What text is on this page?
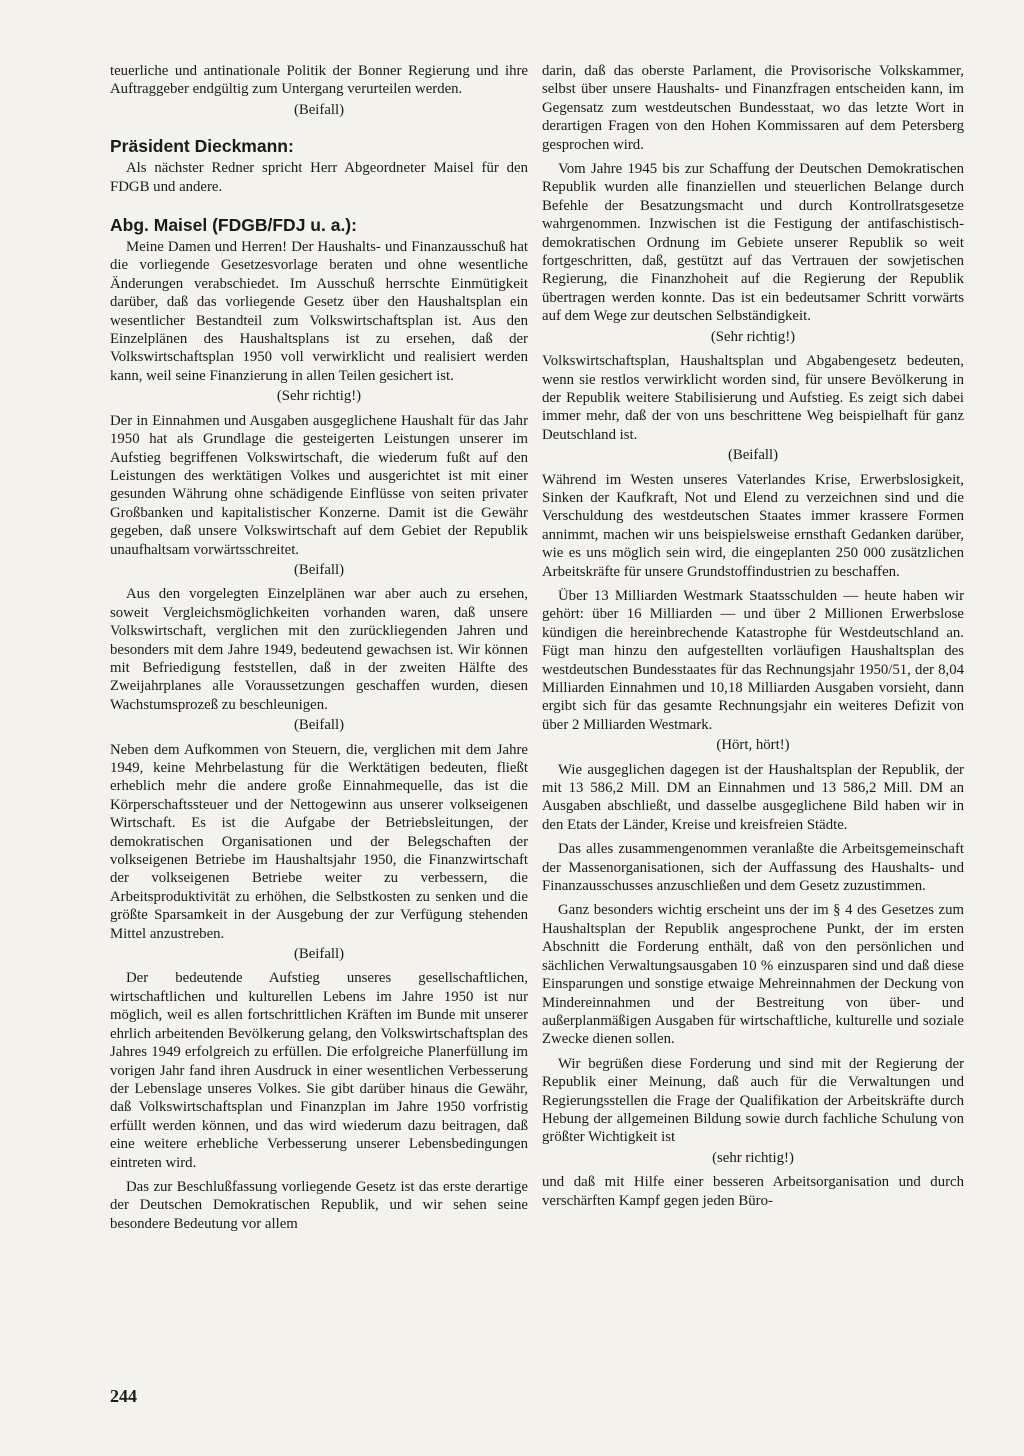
teuerliche und antinationale Politik der Bonner Regierung und ihre Auftraggeber endgültig zum Untergang verurteilen werden.

(Beifall)

Präsident Dieckmann:

Als nächster Redner spricht Herr Abgeordneter Maisel für den FDGB und andere.

Abg. Maisel (FDGB/FDJ u. a.):

Meine Damen und Herren! Der Haushalts- und Finanzausschuß hat die vorliegende Gesetzesvorlage beraten und ohne wesentliche Änderungen verabschiedet. Im Ausschuß herrschte Einmütigkeit darüber, daß das vorliegende Gesetz über den Haushaltsplan ein wesentlicher Bestandteil zum Volkswirtschaftsplan ist. Aus den Einzelplänen des Haushaltsplans ist zu ersehen, daß der Volkswirtschaftsplan 1950 voll verwirklicht und realisiert werden kann, weil seine Finanzierung in allen Teilen gesichert ist.

(Sehr richtig!)

Der in Einnahmen und Ausgaben ausgeglichene Haushalt für das Jahr 1950 hat als Grundlage die gesteigerten Leistungen unserer im Aufstieg begriffenen Volkswirtschaft, die wiederum fußt auf den Leistungen des werktätigen Volkes und ausgerichtet ist mit einer gesunden Währung ohne schädigende Einflüsse von seiten privater Großbanken und kapitalistischer Konzerne. Damit ist die Gewähr gegeben, daß unsere Volkswirtschaft auf dem Gebiet der Republik unaufhaltsam vorwärtsschreitet.

(Beifall)

Aus den vorgelegten Einzelplänen war aber auch zu ersehen, soweit Vergleichsmöglichkeiten vorhanden waren, daß unsere Volkswirtschaft, verglichen mit den zurückliegenden Jahren und besonders mit dem Jahre 1949, bedeutend gewachsen ist. Wir können mit Befriedigung feststellen, daß in der zweiten Hälfte des Zweijahrplanes alle Voraussetzungen geschaffen wurden, diesen Wachstumsprozeß zu beschleunigen.

(Beifall)

Neben dem Aufkommen von Steuern, die, verglichen mit dem Jahre 1949, keine Mehrbelastung für die Werktätigen bedeuten, fließt erheblich mehr die andere große Einnahmequelle, das ist die Körperschaftssteuer und der Nettogewinn aus unserer volkseigenen Wirtschaft. Es ist die Aufgabe der Betriebsleitungen, der demokratischen Organisationen und der Belegschaften der volkseigenen Betriebe im Haushaltsjahr 1950, die Finanzwirtschaft der volkseigenen Betriebe weiter zu verbessern, die Arbeitsproduktivität zu erhöhen, die Selbstkosten zu senken und die größte Sparsamkeit in der Ausgebung der zur Verfügung stehenden Mittel anzustreben.

(Beifall)

Der bedeutende Aufstieg unseres gesellschaftlichen, wirtschaftlichen und kulturellen Lebens im Jahre 1950 ist nur möglich, weil es allen fortschrittlichen Kräften im Bunde mit unserer ehrlich arbeitenden Bevölkerung gelang, den Volkswirtschaftsplan des Jahres 1949 erfolgreich zu erfüllen. Die erfolgreiche Planerfüllung im vorigen Jahr fand ihren Ausdruck in einer wesentlichen Verbesserung der Lebenslage unseres Volkes. Sie gibt darüber hinaus die Gewähr, daß Volkswirtschaftsplan und Finanzplan im Jahre 1950 vorfristig erfüllt werden können, und das wird wiederum dazu beitragen, daß eine weitere erhebliche Verbesserung unserer Lebensbedingungen eintreten wird.

Das zur Beschlußfassung vorliegende Gesetz ist das erste derartige der Deutschen Demokratischen Republik, und wir sehen seine besondere Bedeutung vor allem

darin, daß das oberste Parlament, die Provisorische Volkskammer, selbst über unsere Haushalts- und Finanzfragen entscheiden kann, im Gegensatz zum westdeutschen Bundesstaat, wo das letzte Wort in derartigen Fragen von den Hohen Kommissaren auf dem Petersberg gesprochen wird.

Vom Jahre 1945 bis zur Schaffung der Deutschen Demokratischen Republik wurden alle finanziellen und steuerlichen Belange durch Befehle der Besatzungsmacht und durch Kontrollratsgesetze wahrgenommen. Inzwischen ist die Festigung der antifaschistisch-demokratischen Ordnung im Gebiete unserer Republik so weit fortgeschritten, daß, gestützt auf das Vertrauen der sowjetischen Regierung, die Finanzhoheit auf die Regierung der Republik übertragen werden konnte. Das ist ein bedeutsamer Schritt vorwärts auf dem Wege zur deutschen Selbständigkeit.

(Sehr richtig!)

Volkswirtschaftsplan, Haushaltsplan und Abgabengesetz bedeuten, wenn sie restlos verwirklicht worden sind, für unsere Bevölkerung in der Republik weitere Stabilisierung und Aufstieg. Es zeigt sich dabei immer mehr, daß der von uns beschrittene Weg beispielhaft für ganz Deutschland ist.

(Beifall)

Während im Westen unseres Vaterlandes Krise, Erwerbslosigkeit, Sinken der Kaufkraft, Not und Elend zu verzeichnen sind und die Verschuldung des westdeutschen Staates immer krassere Formen annimmt, machen wir uns beispielsweise ernsthaft Gedanken darüber, wie es uns möglich sein wird, die eingeplanten 250 000 zusätzlichen Arbeitskräfte für unsere Grundstoffindustrien zu beschaffen.

Über 13 Milliarden Westmark Staatsschulden — heute haben wir gehört: über 16 Milliarden — und über 2 Millionen Erwerbslose kündigen die hereinbrechende Katastrophe für Westdeutschland an. Fügt man hinzu den aufgestellten vorläufigen Haushaltsplan des westdeutschen Bundesstaates für das Rechnungsjahr 1950/51, der 8,04 Milliarden Einnahmen und 10,18 Milliarden Ausgaben vorsieht, dann ergibt sich für das gesamte Rechnungsjahr ein weiteres Defizit von über 2 Milliarden Westmark.

(Hört, hört!)

Wie ausgeglichen dagegen ist der Haushaltsplan der Republik, der mit 13 586,2 Mill. DM an Einnahmen und 13 586,2 Mill. DM an Ausgaben abschließt, und dasselbe ausgeglichene Bild haben wir in den Etats der Länder, Kreise und kreisfreien Städte.

Das alles zusammengenommen veranlaßte die Arbeitsgemeinschaft der Massenorganisationen, sich der Auffassung des Haushalts- und Finanzausschusses anzuschließen und dem Gesetz zuzustimmen.

Ganz besonders wichtig erscheint uns der im § 4 des Gesetzes zum Haushaltsplan der Republik angesprochene Punkt, der im ersten Abschnitt die Forderung enthält, daß von den persönlichen und sächlichen Verwaltungsausgaben 10 % einzusparen sind und daß diese Einsparungen und sonstige etwaige Mehreinnahmen der Deckung von Mindereinnahmen und der Bestreitung von über- und außerplanmäßigen Ausgaben für wirtschaftliche, kulturelle und soziale Zwecke dienen sollen.

Wir begrüßen diese Forderung und sind mit der Regierung der Republik einer Meinung, daß auch für die Verwaltungen und Regierungsstellen die Frage der Qualifikation der Arbeitskräfte durch Hebung der allgemeinen Bildung sowie durch fachliche Schulung von größter Wichtigkeit ist

(sehr richtig!)

und daß mit Hilfe einer besseren Arbeitsorganisation und durch verschärften Kampf gegen jeden Büro-

244
